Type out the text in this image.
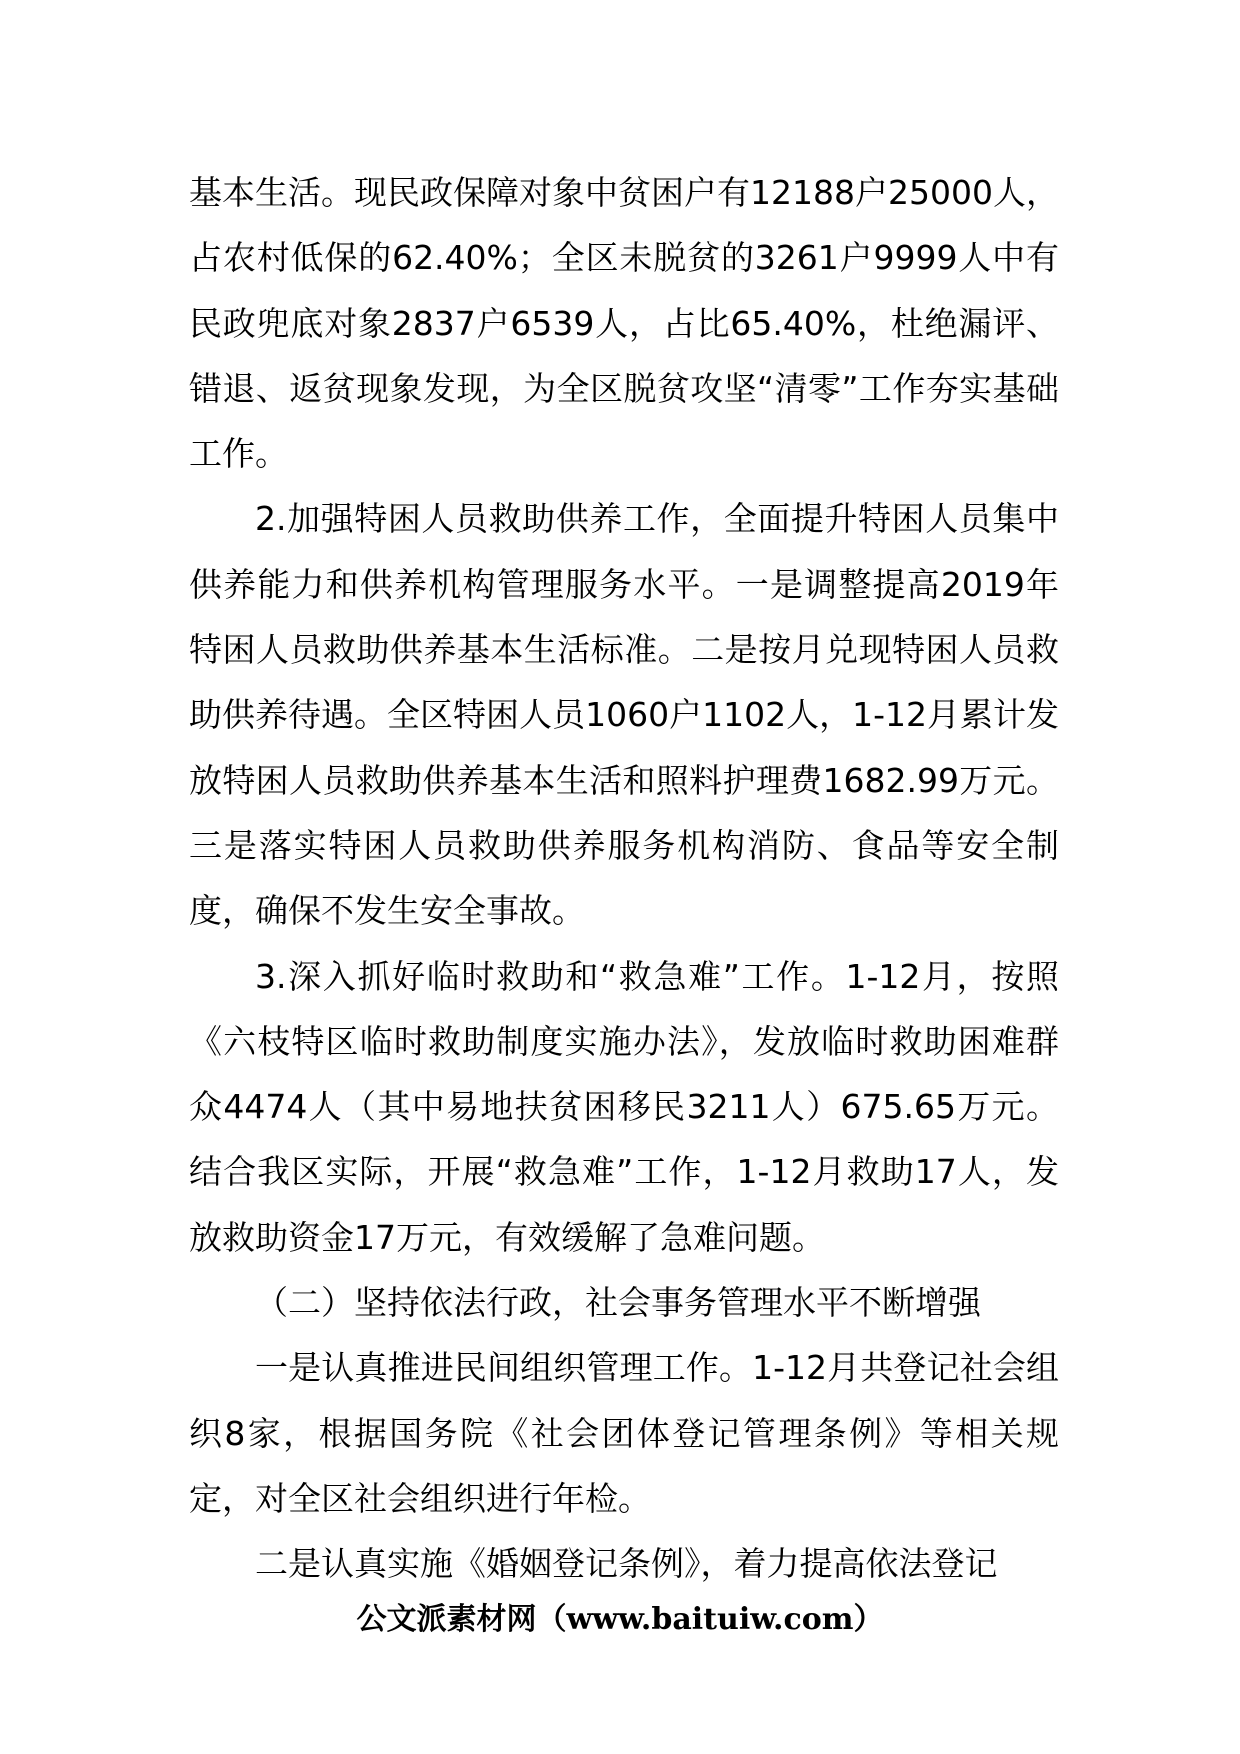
基本生活。现民政保障对象中贫困户有12188户25000人，占农村低保的62.40%；全区未脱贫的3261户9999人中有民政兜底对象2837户6539人，占比65.40%，杜绝漏评、错退、返贫现象发现，为全区脱贫攻坚“清零”工作夯实基础工作。

2.加强特困人员救助供养工作，全面提升特困人员集中供养能力和供养机构管理服务水平。一是调整提高2019年特困人员救助供养基本生活标准。二是按月兑现特困人员救助供养待遇。全区特困人员1060户1102人，1-12月累计发放特困人员救助供养基本生活和照料护理费1682.99万元。三是落实特困人员救助供养服务机构消防、食品等安全制度，确保不发生安全事故。

3.深入抓好临时救助和“救急难”工作。1-12月，按照《六枝特区临时救助制度实施办法》，发放临时救助困难群众4474人（其中易地扶贫困移民3211人）675.65万元。结合我区实际，开展“救急难”工作，1-12月救助17人，发放救助资金17万元，有效缓解了急难问题。

（二）坚持依法行政，社会事务管理水平不断增强

一是认真推进民间组织管理工作。1-12月共登记社会组织8家，根据国务院《社会团体登记管理条例》等相关规定，对全区社会组织进行年检。

二是认真实施《婚姻登记条例》，着力提高依法登记

公文派素材网（www.baituiw.com）
